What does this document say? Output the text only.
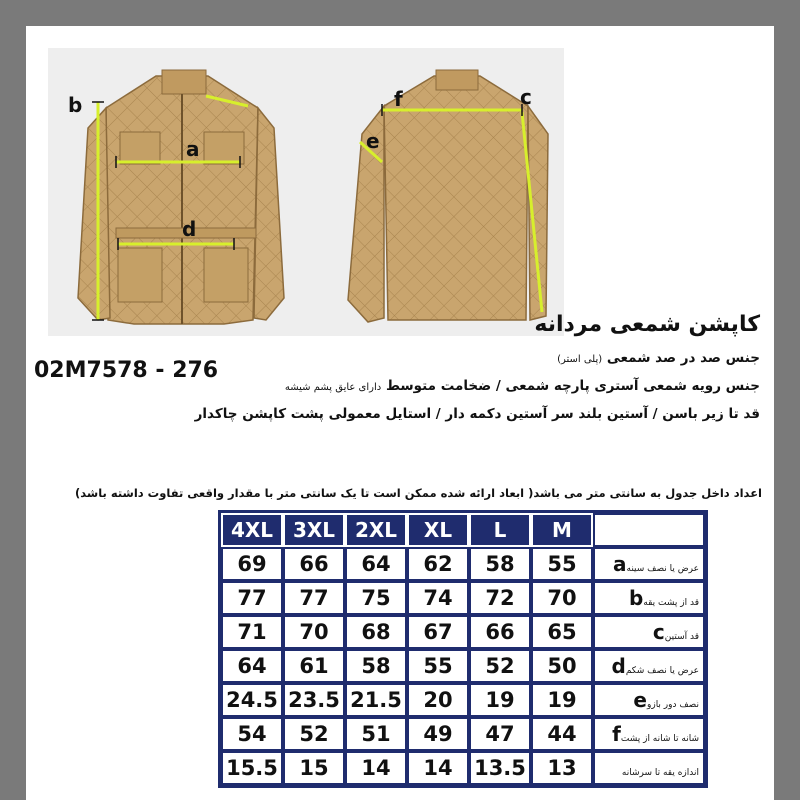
b
a
d
f
e
c
کاپشن شمعی مردانه
02M7578 - 276	جنس صد در صد شمعی (پلی استر)
جنس رویه شمعی آستری پارچه شمعی / ضخامت متوسط دارای عایق پشم شیشه
قد تا زیر باسن / آستین بلند سر آستین دکمه دار / استایل معمولی پشت کاپشن چاکدار
اعداد داخل جدول به سانتی متر می باشد( ابعاد ارائه شده ممکن است تا یک سانتی متر با مقدار واقعی تفاوت داشته باشد)
4XL	3XL	2XL	XL	L	M	
69	66	64	62	58	55	عرض یا نصف سینهa
77	77	75	74	72	70	قد از پشت یقهb
71	70	68	67	66	65	قد آستینc
64	61	58	55	52	50	عرض یا نصف شکمd
24.5	23.5	21.5	20	19	19	نصف دور بازوe
54	52	51	49	47	44	شانه تا شانه از پشتf
15.5	15	14	14	13.5	13	اندازه یقه تا سرشانه
